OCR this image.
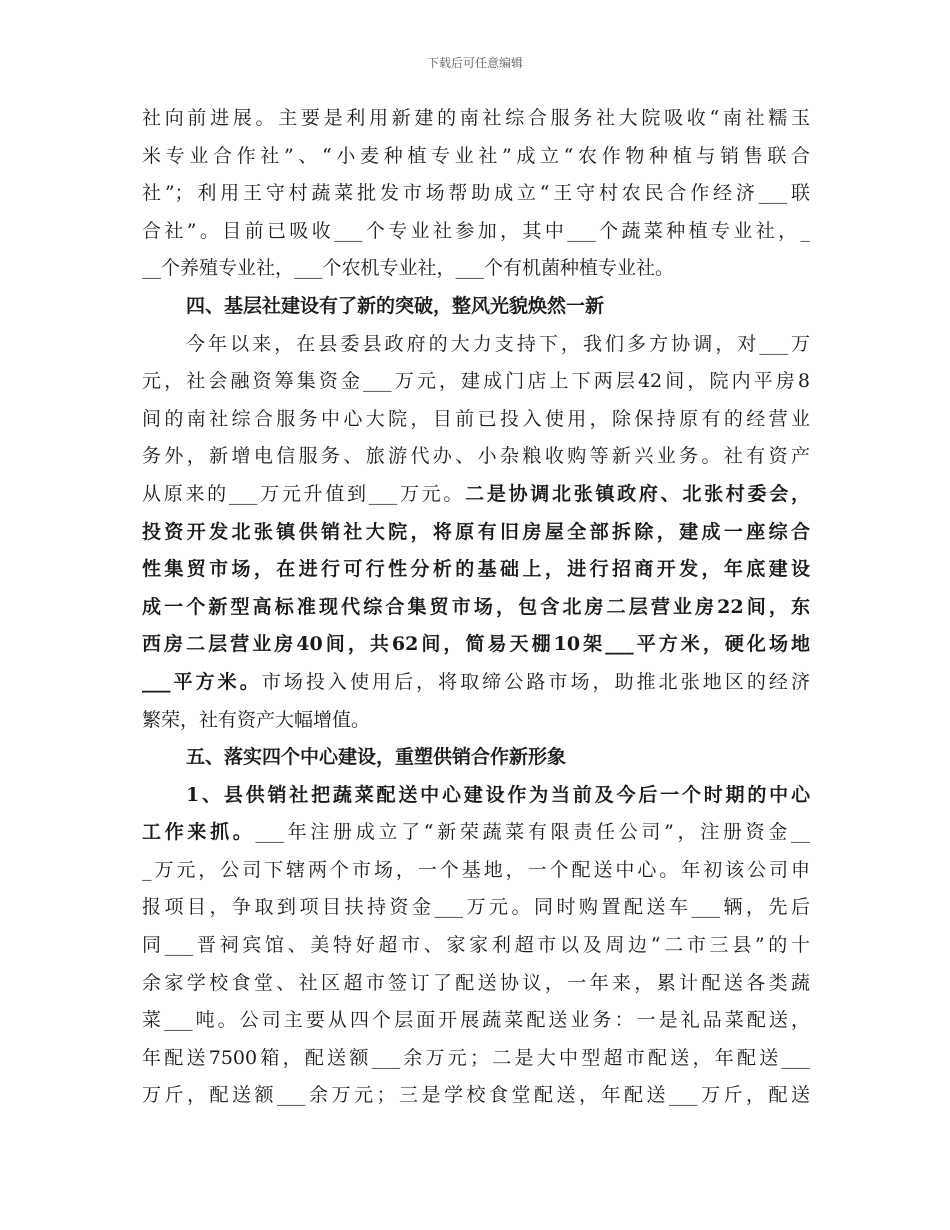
下载后可任意编辑
社向前进展。主要是利用新建的南社综合服务社大院吸收“南社糯玉
米专业合作社”、“小麦种植专业社”成立“农作物种植与销售联合
社”；利用王守村蔬菜批发市场帮助成立“王守村农民合作经济___联
合社”。目前已吸收___个专业社参加，其中___个蔬菜种植专业社，_
__个养殖专业社，___个农机专业社，___个有机菌种植专业社。
四、基层社建设有了新的突破，整风光貌焕然一新
今年以来，在县委县政府的大力支持下，我们多方协调，对___万
元，社会融资筹集资金___万元，建成门店上下两层42间，院内平房8
间的南社综合服务中心大院，目前已投入使用，除保持原有的经营业
务外，新增电信服务、旅游代办、小杂粮收购等新兴业务。社有资产
从原来的___万元升值到___万元。二是协调北张镇政府、北张村委会，
投资开发北张镇供销社大院，将原有旧房屋全部拆除，建成一座综合
性集贸市场，在进行可行性分析的基础上，进行招商开发，年底建设
成一个新型高标准现代综合集贸市场，包含北房二层营业房22间，东
西房二层营业房40间，共62间，简易天棚10架___平方米，硬化场地
___平方米。市场投入使用后，将取缔公路市场，助推北张地区的经济
繁荣，社有资产大幅增值。
五、落实四个中心建设，重塑供销合作新形象
1、县供销社把蔬菜配送中心建设作为当前及今后一个时期的中心
工作来抓。___年注册成立了“新荣蔬菜有限责任公司”，注册资金__
_万元，公司下辖两个市场，一个基地，一个配送中心。年初该公司申
报项目，争取到项目扶持资金___万元。同时购置配送车___辆，先后
同___晋祠宾馆、美特好超市、家家利超市以及周边“二市三县”的十
余家学校食堂、社区超市签订了配送协议，一年来，累计配送各类蔬
菜___吨。公司主要从四个层面开展蔬菜配送业务：一是礼品菜配送，
年配送7500箱，配送额___余万元；二是大中型超市配送，年配送___
万斤，配送额___余万元；三是学校食堂配送，年配送___万斤，配送
